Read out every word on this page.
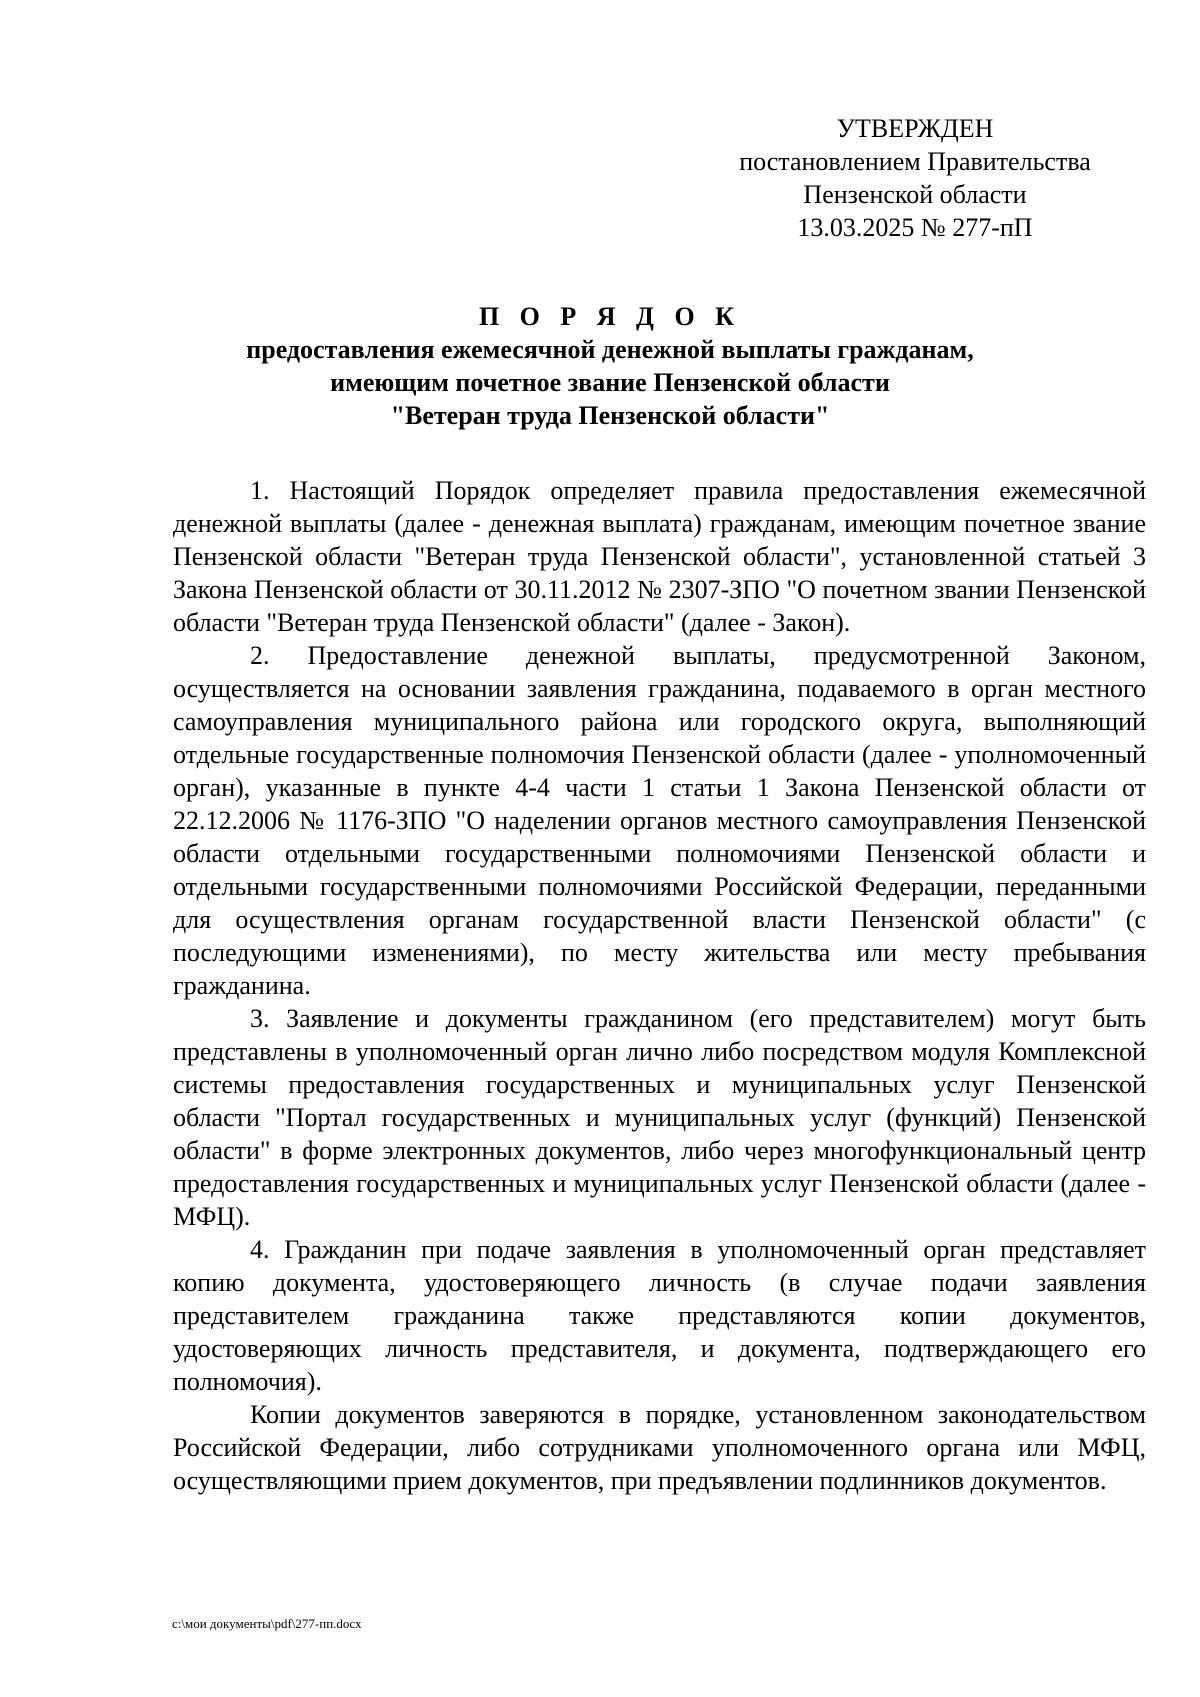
УТВЕРЖДЕН
постановлением Правительства
Пензенской области
13.03.2025 № 277-пП
П О Р Я Д О К
предоставления ежемесячной денежной выплаты гражданам,
имеющим почетное звание Пензенской области
"Ветеран труда Пензенской области"

1. Настоящий Порядок определяет правила предоставления ежемесячной денежной выплаты (далее - денежная выплата) гражданам, имеющим почетное звание Пензенской области "Ветеран труда Пензенской области", установленной статьей 3 Закона Пензенской области от 30.11.2012 № 2307-ЗПО "О почетном звании Пензенской области "Ветеран труда Пензенской области" (далее - Закон).

2. Предоставление денежной выплаты, предусмотренной Законом, осуществляется на основании заявления гражданина, подаваемого в орган местного самоуправления муниципального района или городского округа, выполняющий отдельные государственные полномочия Пензенской области (далее - уполномоченный орган), указанные в пункте 4-4 части 1 статьи 1 Закона Пензенской области от 22.12.2006 № 1176-ЗПО "О наделении органов местного самоуправления Пензенской области отдельными государственными полномочиями Пензенской области и отдельными государственными полномочиями Российской Федерации, переданными для осуществления органам государственной власти Пензенской области" (с последующими изменениями), по месту жительства или месту пребывания гражданина.

3. Заявление и документы гражданином (его представителем) могут быть представлены в уполномоченный орган лично либо посредством модуля Комплексной системы предоставления государственных и муниципальных услуг Пензенской области "Портал государственных и муниципальных услуг (функций) Пензенской области" в форме электронных документов, либо через многофункциональный центр предоставления государственных и муниципальных услуг Пензенской области (далее - МФЦ).

4. Гражданин при подаче заявления в уполномоченный орган представляет копию документа, удостоверяющего личность (в случае подачи заявления представителем гражданина также представляются копии документов, удостоверяющих личность представителя, и документа, подтверждающего его полномочия).

Копии документов заверяются в порядке, установленном законодательством Российской Федерации, либо сотрудниками уполномоченного органа или МФЦ, осуществляющими прием документов, при предъявлении подлинников документов.

c:\мои документы\pdf\277-пп.docx
